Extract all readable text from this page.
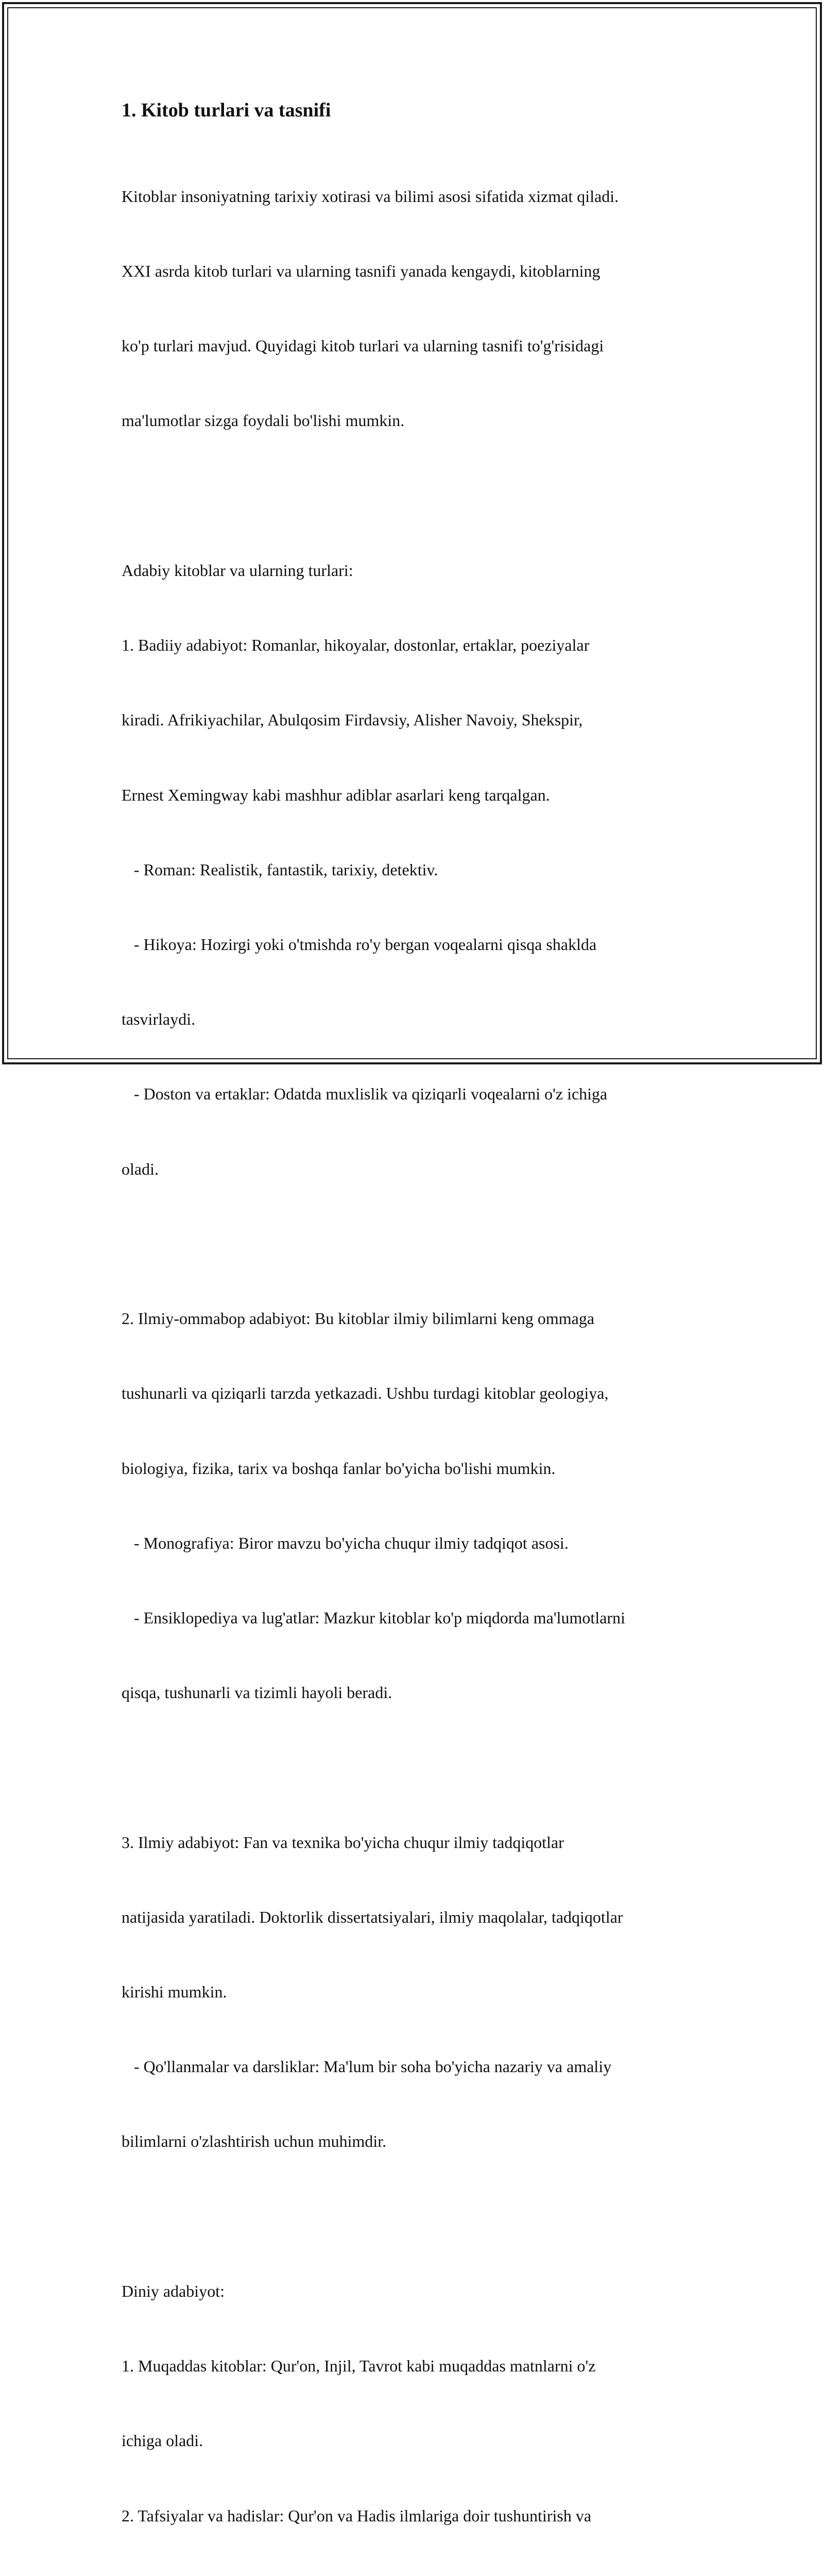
1. Kitob turlari va tasnifi

Kitoblar insoniyatning tarixiy xotirasi va bilimi asosi sifatida xizmat qiladi.

XXI asrda kitob turlari va ularning tasnifi yanada kengaydi, kitoblarning

ko'p turlari mavjud. Quyidagi kitob turlari va ularning tasnifi to'g'risidagi

ma'lumotlar sizga foydali bo'lishi mumkin.

Adabiy kitoblar va ularning turlari:

1. Badiiy adabiyot: Romanlar, hikoyalar, dostonlar, ertaklar, poeziyalar

kiradi. Afrikiyachilar, Abulqosim Firdavsiy, Alisher Navoiy, Shekspir,

Ernest Xemingway kabi mashhur adiblar asarlari keng tarqalgan.

- Roman: Realistik, fantastik, tarixiy, detektiv.

- Hikoya: Hozirgi yoki o'tmishda ro'y bergan voqealarni qisqa shaklda

tasvirlaydi.

- Doston va ertaklar: Odatda muxlislik va qiziqarli voqealarni o'z ichiga

oladi.

2. Ilmiy-ommabop adabiyot: Bu kitoblar ilmiy bilimlarni keng ommaga

tushunarli va qiziqarli tarzda yetkazadi. Ushbu turdagi kitoblar geologiya,

biologiya, fizika, tarix va boshqa fanlar bo'yicha bo'lishi mumkin.

- Monografiya: Biror mavzu bo'yicha chuqur ilmiy tadqiqot asosi.

- Ensiklopediya va lug'atlar: Mazkur kitoblar ko'p miqdorda ma'lumotlarni

qisqa, tushunarli va tizimli hayoli beradi.

3. Ilmiy adabiyot: Fan va texnika bo'yicha chuqur ilmiy tadqiqotlar

natijasida yaratiladi. Doktorlik dissertatsiyalari, ilmiy maqolalar, tadqiqotlar

kirishi mumkin.

- Qo'llanmalar va darsliklar: Ma'lum bir soha bo'yicha nazariy va amaliy

bilimlarni o'zlashtirish uchun muhimdir.

Diniy adabiyot:

1. Muqaddas kitoblar: Qur'on, Injil, Tavrot kabi muqaddas matnlarni o'z

ichiga oladi.

2. Tafsiyalar va hadislar: Qur'on va Hadis ilmlariga doir tushuntirish va
